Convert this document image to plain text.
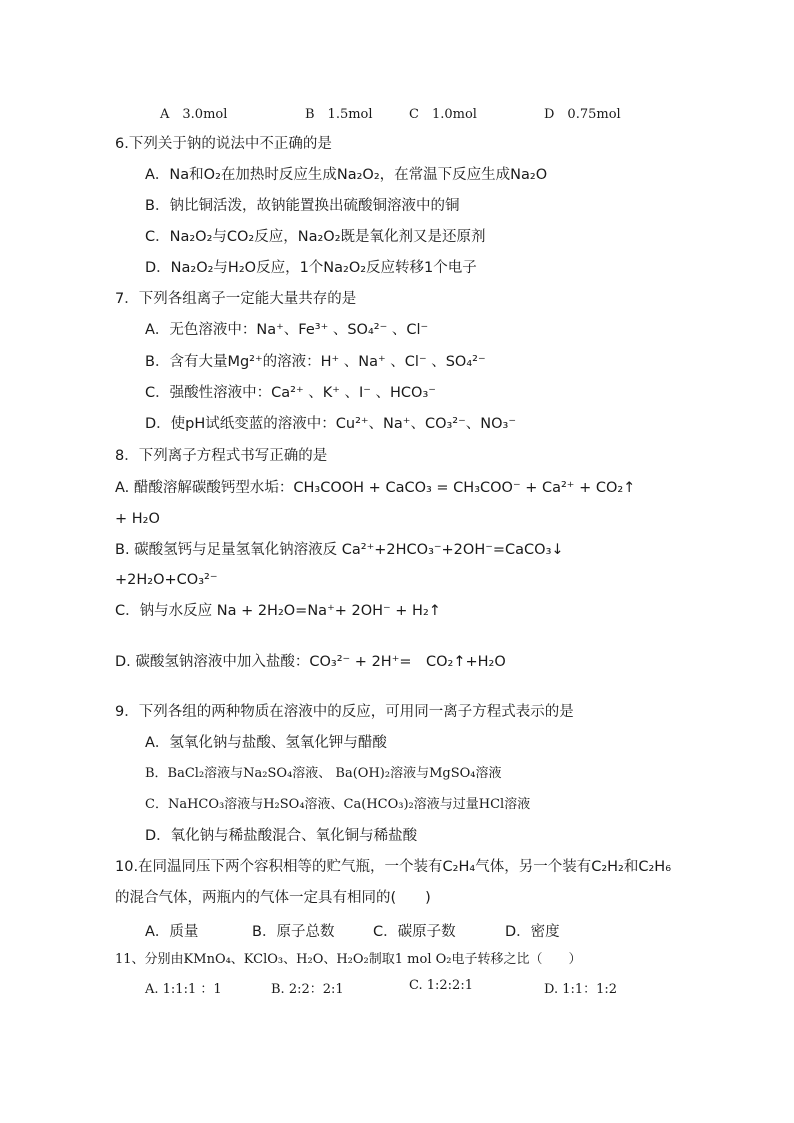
A　3.0mol	B　1.5mol	C　1.0mol	D　0.75mol
6.下列关于钠的说法中不正确的是
A．Na和O₂在加热时反应生成Na₂O₂，在常温下反应生成Na₂O
B．钠比铜活泼，故钠能置换出硫酸铜溶液中的铜
C．Na₂O₂与CO₂反应，Na₂O₂既是氧化剂又是还原剂
D．Na₂O₂与H₂O反应，1个Na₂O₂反应转移1个电子
7．下列各组离子一定能大量共存的是
A．无色溶液中：Na⁺、Fe³⁺ 、SO₄²⁻ 、Cl⁻
B．含有大量Mg²⁺的溶液：H⁺ 、Na⁺ 、Cl⁻ 、SO₄²⁻
C．强酸性溶液中：Ca²⁺ 、K⁺ 、I⁻ 、HCO₃⁻
D．使pH试纸变蓝的溶液中：Cu²⁺、Na⁺、CO₃²⁻、NO₃⁻
8．下列离子方程式书写正确的是
A. 醋酸溶解碳酸钙型水垢：CH₃COOH + CaCO₃ = CH₃COO⁻ + Ca²⁺ + CO₂↑
+ H₂O
B. 碳酸氢钙与足量氢氧化钠溶液反 Ca²⁺+2HCO₃⁻+2OH⁻=CaCO₃↓
+2H₂O+CO₃²⁻
C．钠与水反应 Na + 2H₂O=Na⁺+ 2OH⁻ + H₂↑
D. 碳酸氢钠溶液中加入盐酸：CO₃²⁻ + 2H⁺=　CO₂↑+H₂O
9．下列各组的两种物质在溶液中的反应，可用同一离子方程式表示的是
A．氢氧化钠与盐酸、氢氧化钾与醋酸
B．BaCl₂溶液与Na₂SO₄溶液、 Ba(OH)₂溶液与MgSO₄溶液
C．NaHCO₃溶液与H₂SO₄溶液、Ca(HCO₃)₂溶液与过量HCl溶液
D．氧化钠与稀盐酸混合、氧化铜与稀盐酸
10.在同温同压下两个容积相等的贮气瓶，一个装有C₂H₄气体，另一个装有C₂H₂和C₂H₆
的混合气体，两瓶内的气体一定具有相同的(　　)
A．质量	B．原子总数	C．碳原子数	D．密度
11、分别由KMnO₄、KClO₃、H₂O、H₂O₂制取1 mol O₂电子转移之比（　　）
A. 1:1:1 ：1	B. 2:2：2:1	C. 1:2:2:1	D. 1:1：1:2
